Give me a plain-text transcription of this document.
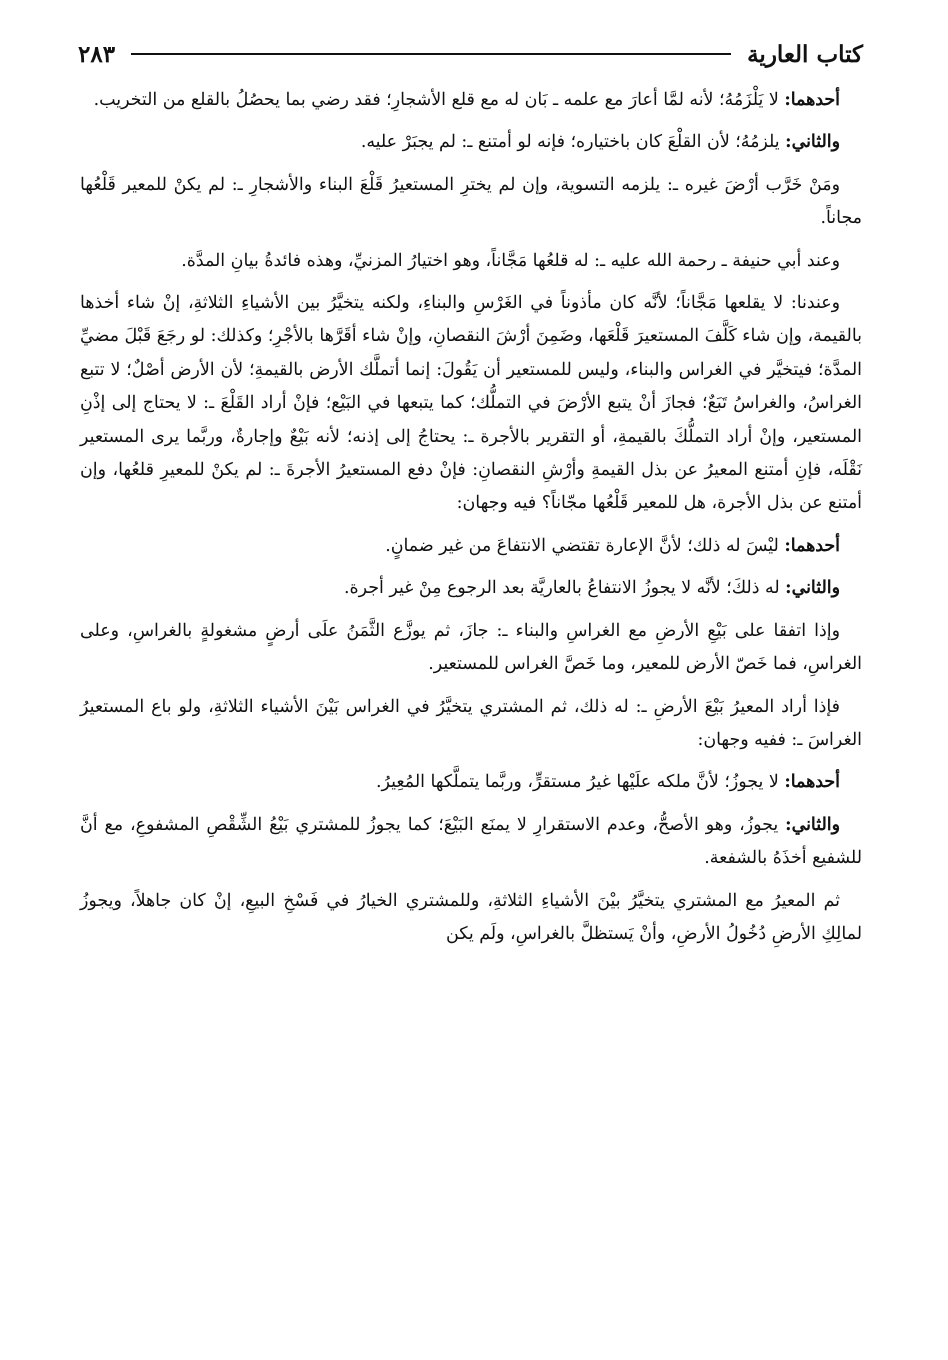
كتاب العارية
٢٨٣

أحدهما: لا يَلْزَمُهُ؛ لأنه لمَّا أعارَ مع علمه ـ بَان له مع قلع الأشجارِ؛ فقد رضي بما يحصُلُ بالقلع من التخريب.

والثاني: يلزمُهُ؛ لأن القلْعَ كان باختياره؛ فإنه لو أمتنع ـ: لم يجبَرْ عليه.

ومَنْ خَرَّب أرْضَ غيره ـ: يلزمه التسوية، وإن لم يخترِ المستعيرُ قَلْعَ البناء والأشجارِ ـ: لم يكنْ للمعير قَلْعُها مجاناً.

وعند أبي حنيفة ـ رحمة الله عليه ـ: له قلعُها مَجَّاناً، وهو اختيارُ المزنيِّ، وهذه فائدةُ بيانِ المدَّة.

وعندنا: لا يقلعها مَجَّاناً؛ لأنَّه كان مأذوناً في الغَرْسِ والبناءِ، ولكنه يتخيَّرُ بين الأشياءِ الثلاثةِ، إنْ شاء أخذها بالقيمة، وإن شاء كَلَّفَ المستعيرَ قَلْعَها، وضَمِنَ أرْشَ النقصانِ، وإنْ شاء أقَرَّها بالأجْرِ؛ وكذلك: لو رجَعَ قَبْلَ مضيِّ المدَّة؛ فيتخيَّر في الغراس والبناء، وليس للمستعير أن يَقُولَ: إنما أتملَّك الأرض بالقيمةِ؛ لأن الأرض أصْلٌ؛ لا تتبع الغراسُ، والغراسُ تَبَعٌ؛ فجازَ أنْ يتبع الأرْضَ في التملُّك؛ كما يتبعها في البَيْع؛ فإنْ أراد القَلْعَ ـ: لا يحتاج إلى إذْنِ المستعير، وإنْ أراد التملُّكَ بالقيمةِ، أو التقرير بالأجرة ـ: يحتاجُ إلى إذنه؛ لأنه بَيْعٌ وإجارةٌ، وربَّما يرى المستعير نَقْلَه، فإنِ أمتنع المعيرُ عن بذل القيمةِ وأرْشِ النقصانِ: فإنْ دفع المستعيرُ الأجرةَ ـ: لم يكنْ للمعيرِ قلعُها، وإن أمتنع عن بذل الأجرة، هل للمعير قَلْعُها مجّاناً؟ فيه وجهان:

أحدهما: ليْسَ له ذلك؛ لأنَّ الإعارة تقتضي الانتفاعَ من غير ضمانٍ.

والثاني: له ذلكَ؛ لأنَّه لا يجوزُ الانتفاعُ بالعاريَّة بعد الرجوع مِنْ غير أجرة.

وإذا اتفقا على بَيْعِ الأرضِ مع الغراسِ والبناء ـ: جازَ، ثم يوزَّع الثَّمَنُ علَى أرضٍ مشغولةٍ بالغراسِ، وعلى الغراسِ، فما خَصّ الأرض للمعير، وما خَصَّ الغراس للمستعير.

فإذا أراد المعيرُ بَيْعَ الأرضِ ـ: له ذلك، ثم المشتري يتخيَّرُ في الغراس بَيْنَ الأشياء الثلاثةِ، ولو باع المستعيرُ الغراسَ ـ: ففيه وجهان:

أحدهما: لا يجوزُ؛ لأنَّ ملكه علَيْها غيرُ مستقرٍّ، وربَّما يتملَّكها المُعِيرُ.

والثاني: يجوزُ، وهو الأصحُّ، وعدم الاستقرارِ لا يمنَع البَيْعَ؛ كما يجوزُ للمشتري بَيْعُ الشِّقْصِ المشفوعِ، مع أنَّ للشفيع أخذَهُ بالشفعة.

ثم المعيرُ مع المشتري يتخيَّرُ بيْنَ الأشياءِ الثلاثةِ، وللمشتري الخيارُ في فَسْخِ البيعِ، إنْ كان جاهلاً، ويجوزُ لمالِكِ الأرضِ دُخُولُ الأرضِ، وأنْ يَستظلَّ بالغراسِ، ولَم يكن
